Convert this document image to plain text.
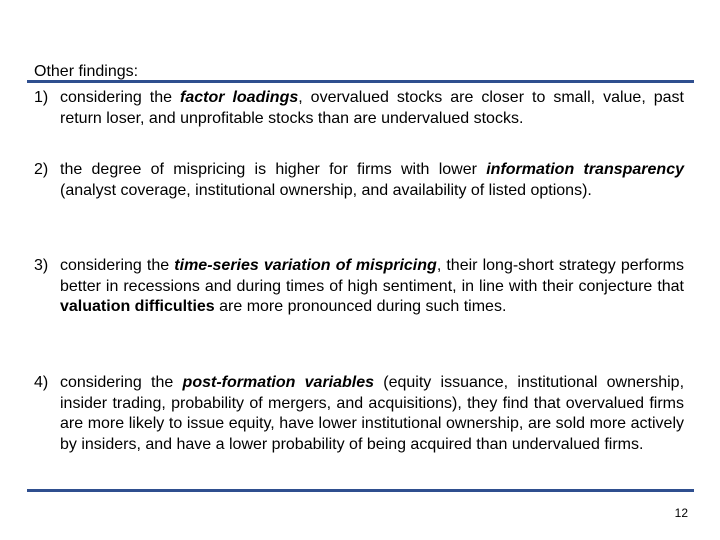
Other findings:
1) considering the factor loadings, overvalued stocks are closer to small, value, past return loser, and unprofitable stocks than are undervalued stocks.
2) the degree of mispricing is higher for firms with lower information transparency (analyst coverage, institutional ownership, and availability of listed options).
3) considering the time-series variation of mispricing, their long-short strategy performs better in recessions and during times of high sentiment, in line with their conjecture that valuation difficulties are more pronounced during such times.
4) considering the post-formation variables (equity issuance, institutional ownership, insider trading, probability of mergers, and acquisitions), they find that overvalued firms are more likely to issue equity, have lower institutional ownership, are sold more actively by insiders, and have a lower probability of being acquired than undervalued firms.
12
